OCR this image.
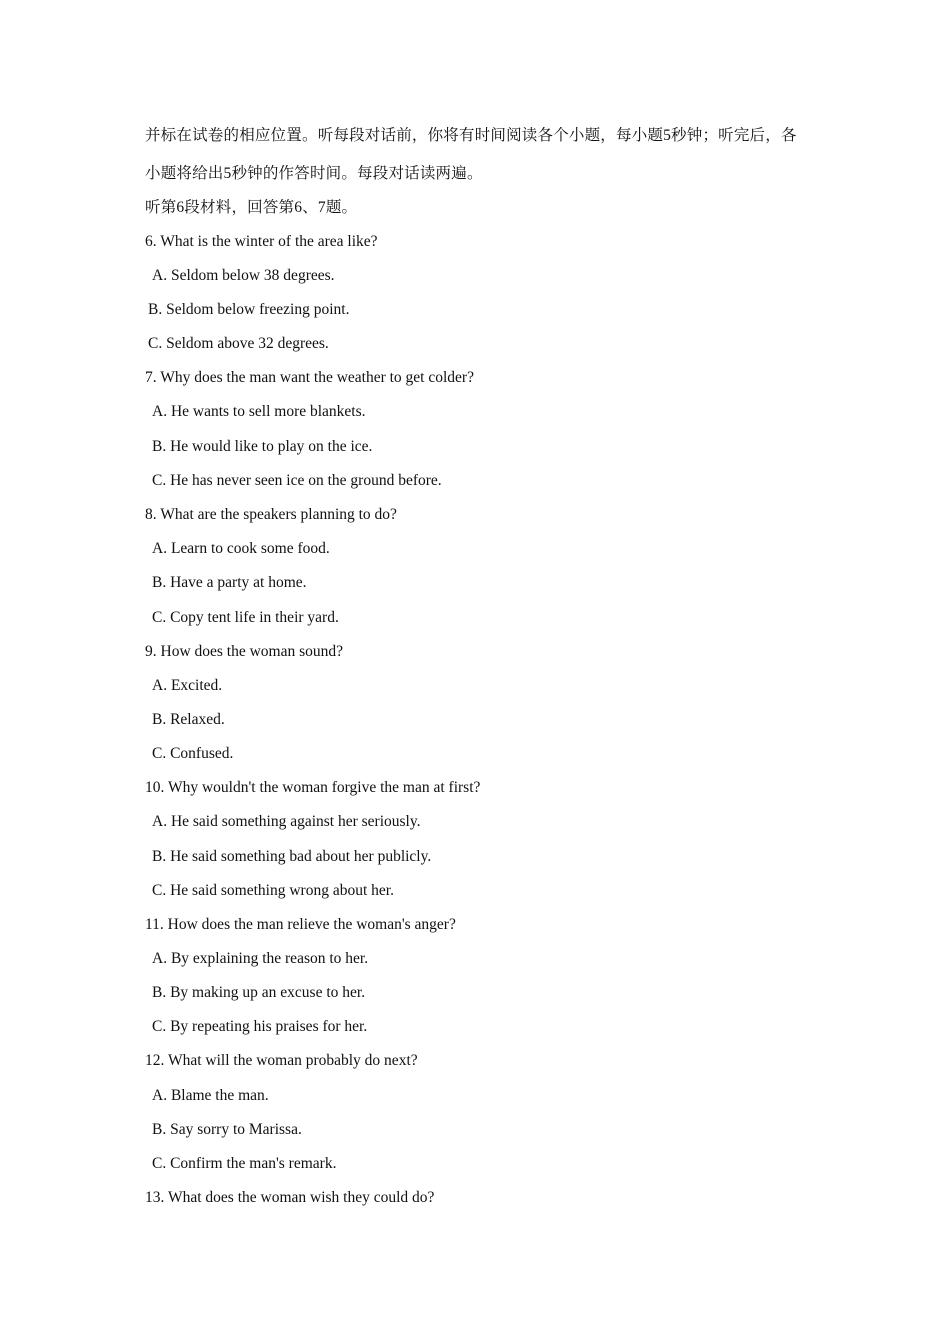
并标在试卷的相应位置。听每段对话前，你将有时间阅读各个小题，每小题5秒钟；听完后，各
小题将给出5秒钟的作答时间。每段对话读两遍。
听第6段材料，回答第6、7题。
6. What is the winter of the area like?
A. Seldom below 38 degrees.
B. Seldom below freezing point.
C. Seldom above 32 degrees.
7. Why does the man want the weather to get colder?
A. He wants to sell more blankets.
B. He would like to play on the ice.
C. He has never seen ice on the ground before.
8. What are the speakers planning to do?
A. Learn to cook some food.
B. Have a party at home.
C. Copy tent life in their yard.
9. How does the woman sound?
A. Excited.
B. Relaxed.
C. Confused.
10. Why wouldn't the woman forgive the man at first?
A. He said something against her seriously.
B. He said something bad about her publicly.
C. He said something wrong about her.
11. How does the man relieve the woman's anger?
A. By explaining the reason to her.
B. By making up an excuse to her.
C. By repeating his praises for her.
12. What will the woman probably do next?
A. Blame the man.
B. Say sorry to Marissa.
C. Confirm the man's remark.
13. What does the woman wish they could do?
